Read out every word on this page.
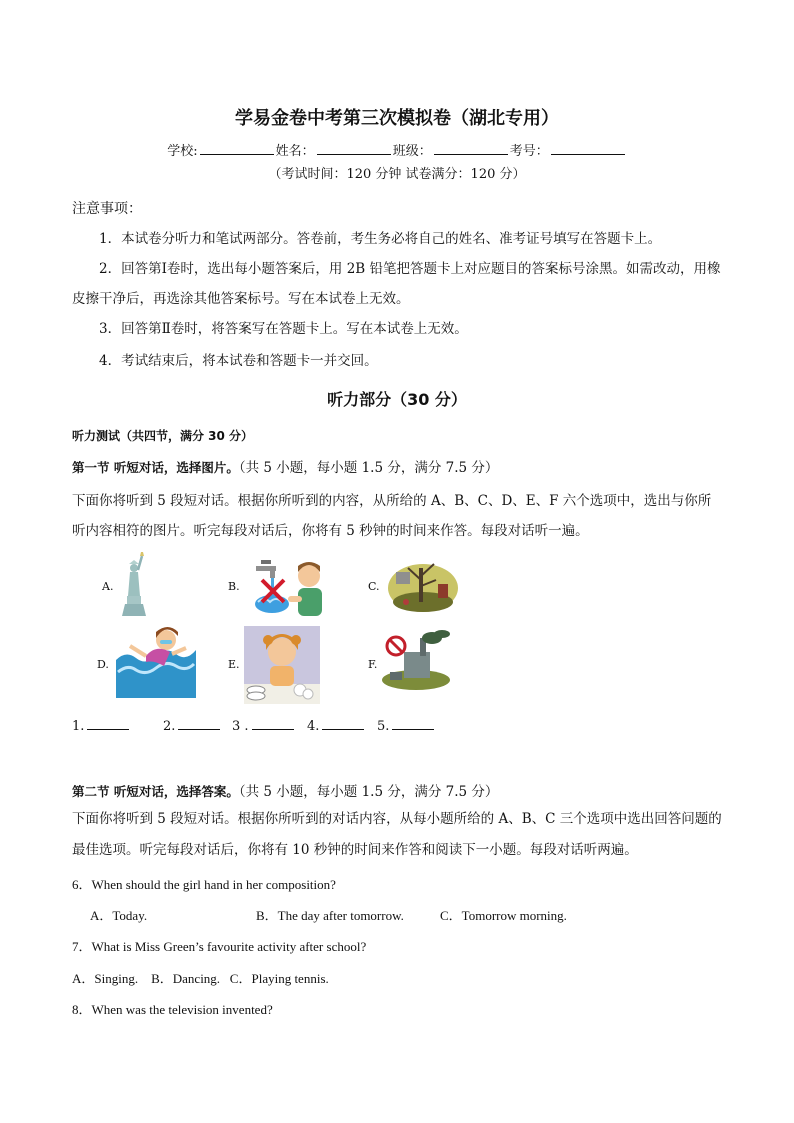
学易金卷中考第三次模拟卷（湖北专用）
学校:	姓名：	班级：	考号：
（考试时间：120 分钟 试卷满分：120 分）
注意事项：
1．本试卷分听力和笔试两部分。答卷前，考生务必将自己的姓名、准考证号填写在答题卡上。
2．回答第Ⅰ卷时，选出每小题答案后，用 2B 铅笔把答题卡上对应题目的答案标号涂黑。如需改动，用橡皮擦干净后，再选涂其他答案标号。写在本试卷上无效。
3．回答第Ⅱ卷时，将答案写在答题卡上。写在本试卷上无效。
4．考试结束后，将本试卷和答题卡一并交回。
听力部分（30 分）
听力测试（共四节，满分 30 分）
第一节 听短对话，选择图片。（共 5 小题，每小题 1.5 分，满分 7.5 分）
下面你将听到 5 段短对话。根据你所听到的内容，从所给的 A、B、C、D、E、F 六个选项中，选出与你所听内容相符的图片。听完每段对话后，你将有 5 秒钟的时间来作答。每段对话听一遍。
A.	B.	C.
D.	E.	F.
1.	2.	3 .	4.	5.
第二节 听短对话，选择答案。（共 5 小题，每小题 1.5 分，满分 7.5 分）
下面你将听到 5 段短对话。根据你所听到的对话内容，从每小题所给的 A、B、C 三个选项中选出回答问题的最佳选项。听完每段对话后，你将有 10 秒钟的时间来作答和阅读下一小题。每段对话听两遍。
6．When should the girl hand in her composition?
A．Today.	B．The day after tomorrow.	C．Tomorrow morning.
7．What is Miss Green’s favourite activity after school?
A．Singing.    B．Dancing.   C．Playing tennis.
8．When was the television invented?
